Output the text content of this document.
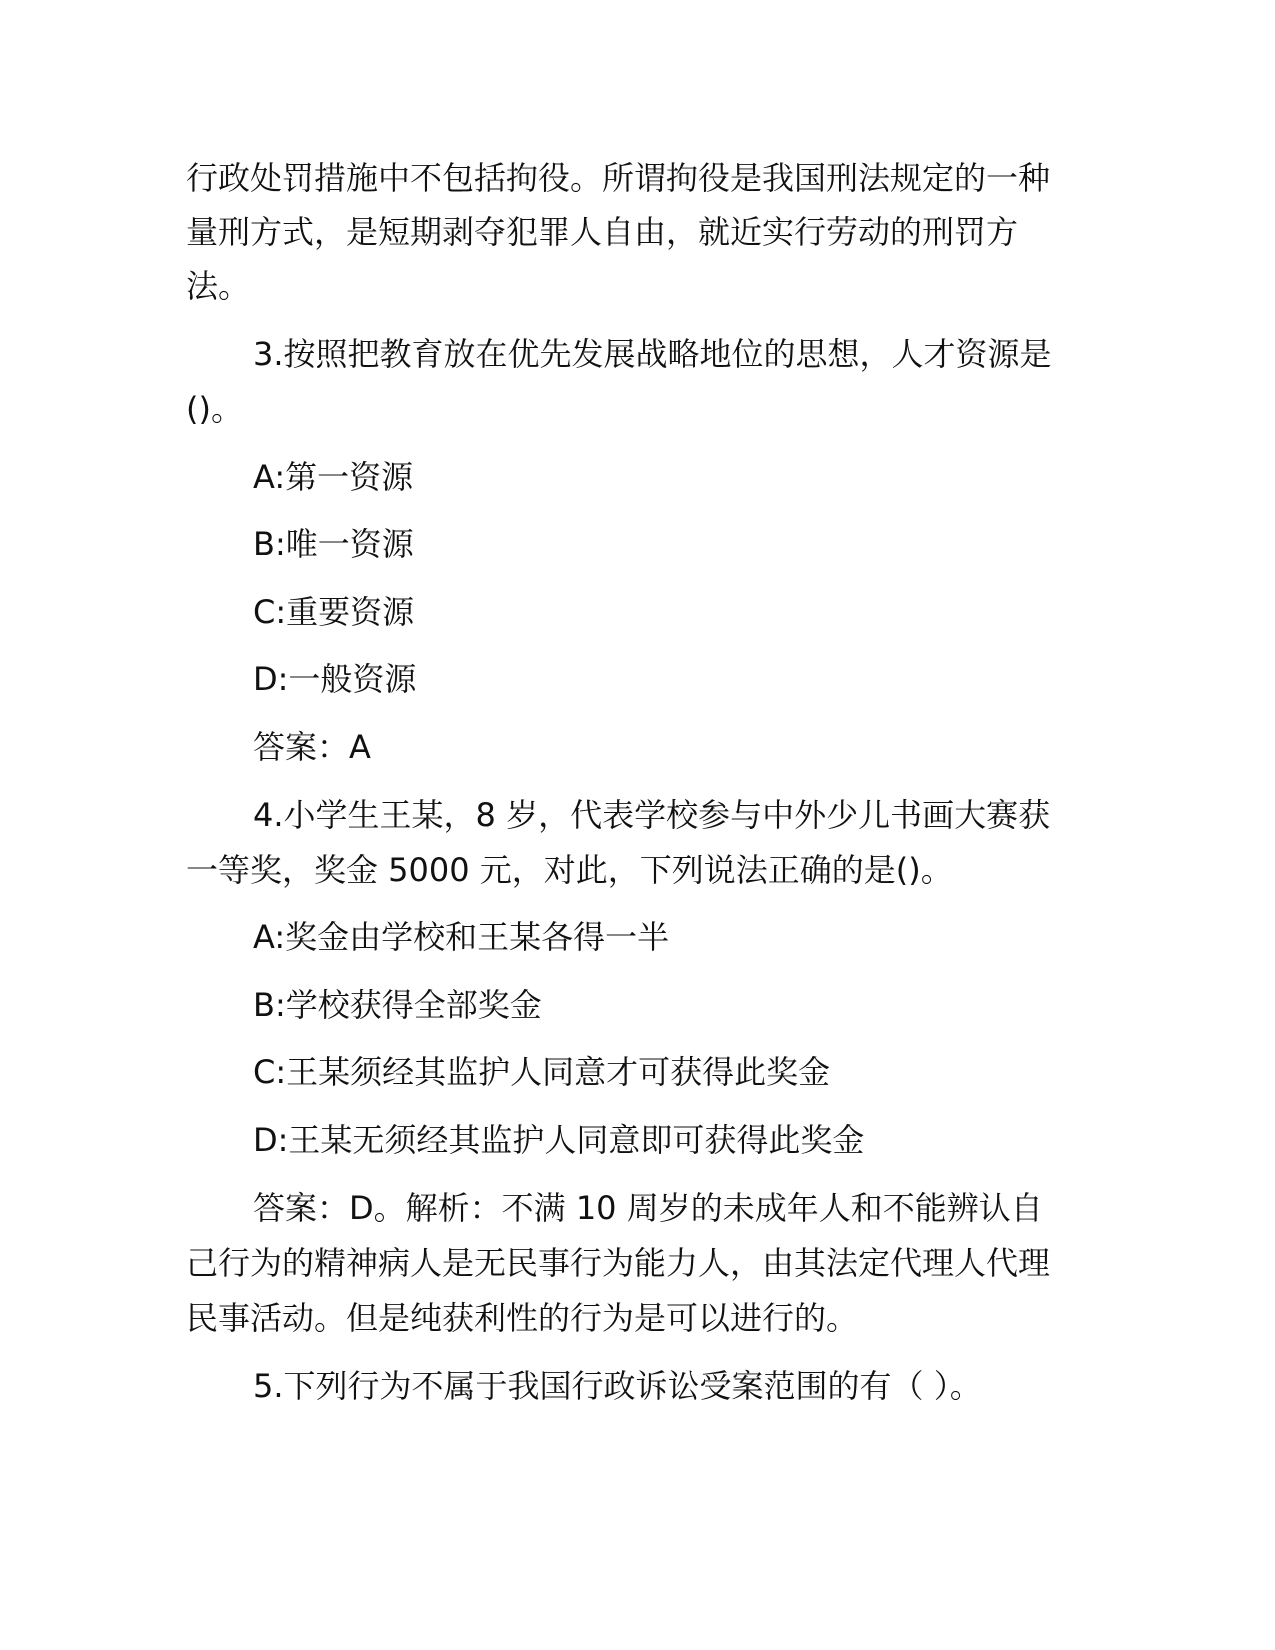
行政处罚措施中不包括拘役。所谓拘役是我国刑法规定的一种
量刑方式，是短期剥夺犯罪人自由，就近实行劳动的刑罚方
法。
3.按照把教育放在优先发展战略地位的思想，人才资源是
()。
A:第一资源
B:唯一资源
C:重要资源
D:一般资源
答案：A
4.小学生王某，8 岁，代表学校参与中外少儿书画大赛获
一等奖，奖金 5000 元，对此，下列说法正确的是()。
A:奖金由学校和王某各得一半
B:学校获得全部奖金
C:王某须经其监护人同意才可获得此奖金
D:王某无须经其监护人同意即可获得此奖金
答案：D。解析：不满 10 周岁的未成年人和不能辨认自
己行为的精神病人是无民事行为能力人，由其法定代理人代理
民事活动。但是纯获利性的行为是可以进行的。
5.下列行为不属于我国行政诉讼受案范围的有（ ）。
